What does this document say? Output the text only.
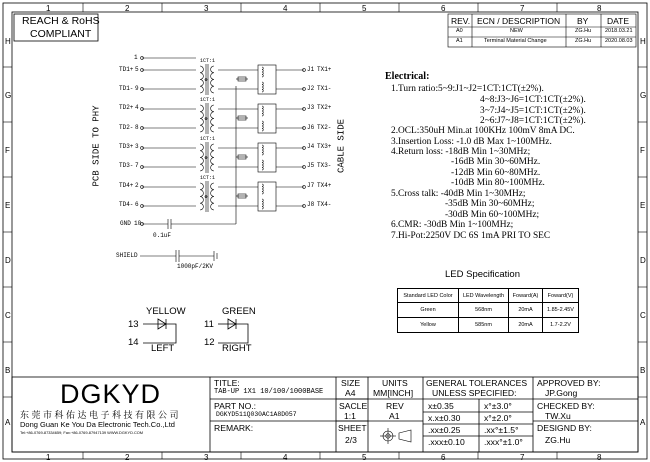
1	2	3	4	5	6	7	8
1	2	3	4	5	6	7	8
H
G
F
E
D
C
B
A
H
G
F
E
D
C
B
A
REACH & RoHS
COMPLIANT
REV. ECN / DESCRIPTION BY DATE
A0	NEW	ZG.Hu	2018.03.21
A1	Terminal Material Change	ZG.Hu	2020.08.03
PCB SIDE TO PHY	CABLE SIDE
1
TD1+ 5
TD1- 9
TD2+ 4
TD2- 8
TD3+ 3
TD3- 7
TD4+ 2
TD4- 6
GND 10
0.1uF
1CT:1
1CT:1
1CT:1
1CT:1
J1 TX1+
J2 TX1-
J3 TX2+
J6 TX2-
J4 TX3+
J5 TX3-
J7 TX4+
J8 TX4-
SHIELD
1000pF/2KV
Electrical:
1.Turn ratio:5~9:J1~J2=1CT:1CT(±2%).
4~8:J3~J6=1CT:1CT(±2%).
3~7:J4~J5=1CT:1CT(±2%).
2~6:J7~J8=1CT:1CT(±2%).
2.OCL:350uH Min.at 100KHz 100mV 8mA DC.
3.Insertion Loss: -1.0 dB Max 1~100MHz.
4.Return loss: -18dB Min 1~30MHz;
-16dB Min 30~60MHz.
-12dB Min 60~80MHz.
-10dB Min 80~100MHz.
5.Cross talk: -40dB Min 1~30MHz;
-35dB Min 30~60MHz;
-30dB Min 60~100MHz;
6.CMR: -30dB Min 1~100MHz;
7.Hi-Pot:2250V DC 6S 1mA PRI TO SEC
LED Specification
Standard LED Color	LED Wavelength	Foward(A)	Foward(V)
Green	568nm	20mA	1.85-2.45V
Yellow	585nm	20mA	1.7-2.2V
YELLOW
13
14
LEFT
GREEN
11
12
RIGHT
DGKYD
东 莞 市 科 佑 达 电 子 科 技 有 限 公 司
Dong Guan Ke You Da Electronic Tech.Co.,Ltd
Tel:+86-0769-87334659; Fax:+86-0769-87947139 WWW.DGKYD.COM
TITLE:
TAB-UP 1X1 10/100/1000BASE
PART NO.:
DGKYD511Q030AC1A8D057
REMARK:
SIZE
A4
UNITS
MM[INCH]
SACLE
1:1
REV
A1
SHEET
2/3
GENERAL TOLERANCES
UNLESS SPECIFIED:
x±0.35	x°±3.0°
x.x±0.30	x°±2.0°
.xx±0.25	.xx°±1.5°
.xxx±0.10 .xxx°±1.0°
APPROVED BY:
JP.Gong
CHECKED BY:
TW.Xu
DESIGND BY:
ZG.Hu
